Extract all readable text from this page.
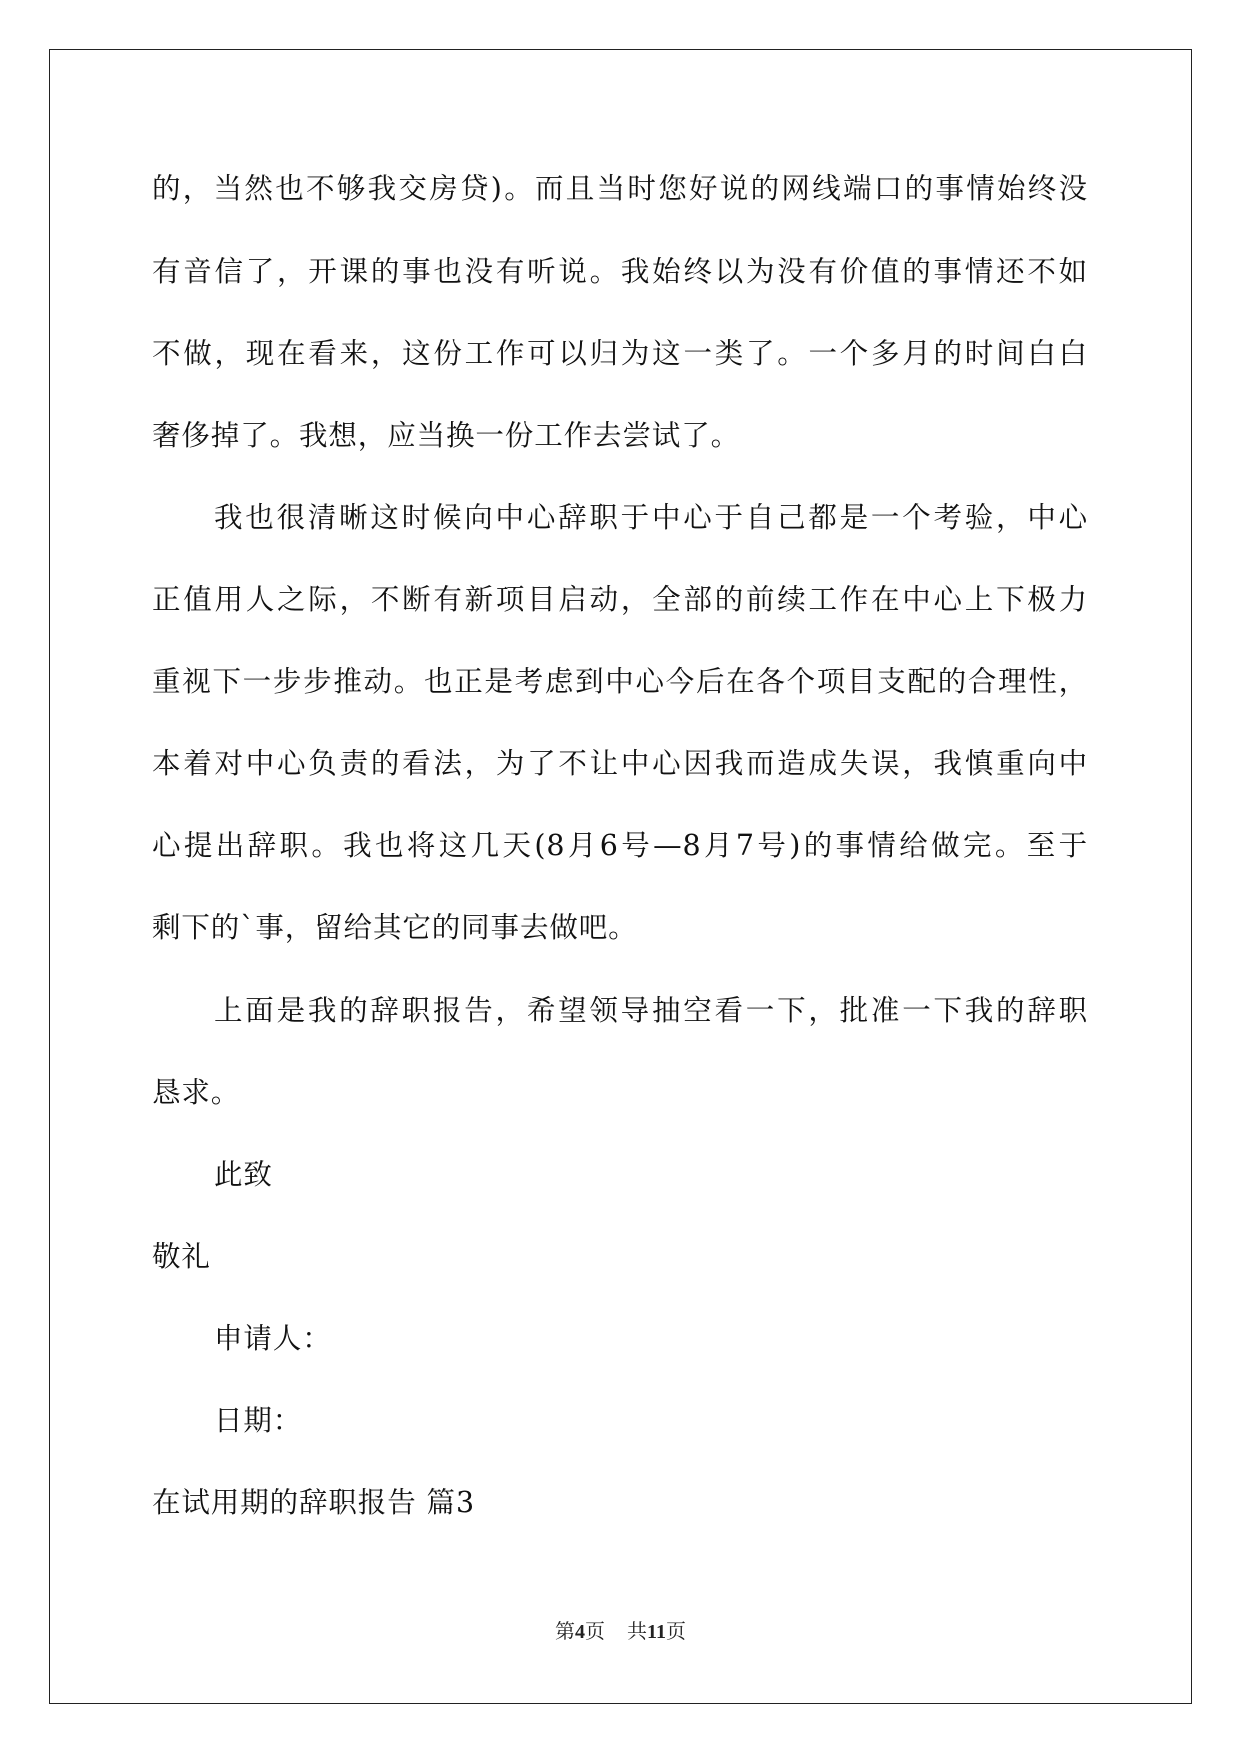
的，当然也不够我交房贷)。而且当时您好说的网线端口的事情始终没
有音信了，开课的事也没有听说。我始终以为没有价值的事情还不如
不做，现在看来，这份工作可以归为这一类了。一个多月的时间白白
奢侈掉了。我想，应当换一份工作去尝试了。
我也很清晰这时候向中心辞职于中心于自己都是一个考验，中心
正值用人之际，不断有新项目启动，全部的前续工作在中心上下极力
重视下一步步推动。也正是考虑到中心今后在各个项目支配的合理性，
本着对中心负责的看法，为了不让中心因我而造成失误，我慎重向中
心提出辞职。我也将这几天(8月6号—8月7号)的事情给做完。至于
剩下的`事，留给其它的同事去做吧。
上面是我的辞职报告，希望领导抽空看一下，批准一下我的辞职
恳求。
此致
敬礼
申请人：
日期：
在试用期的辞职报告 篇3
第4页 共11页
